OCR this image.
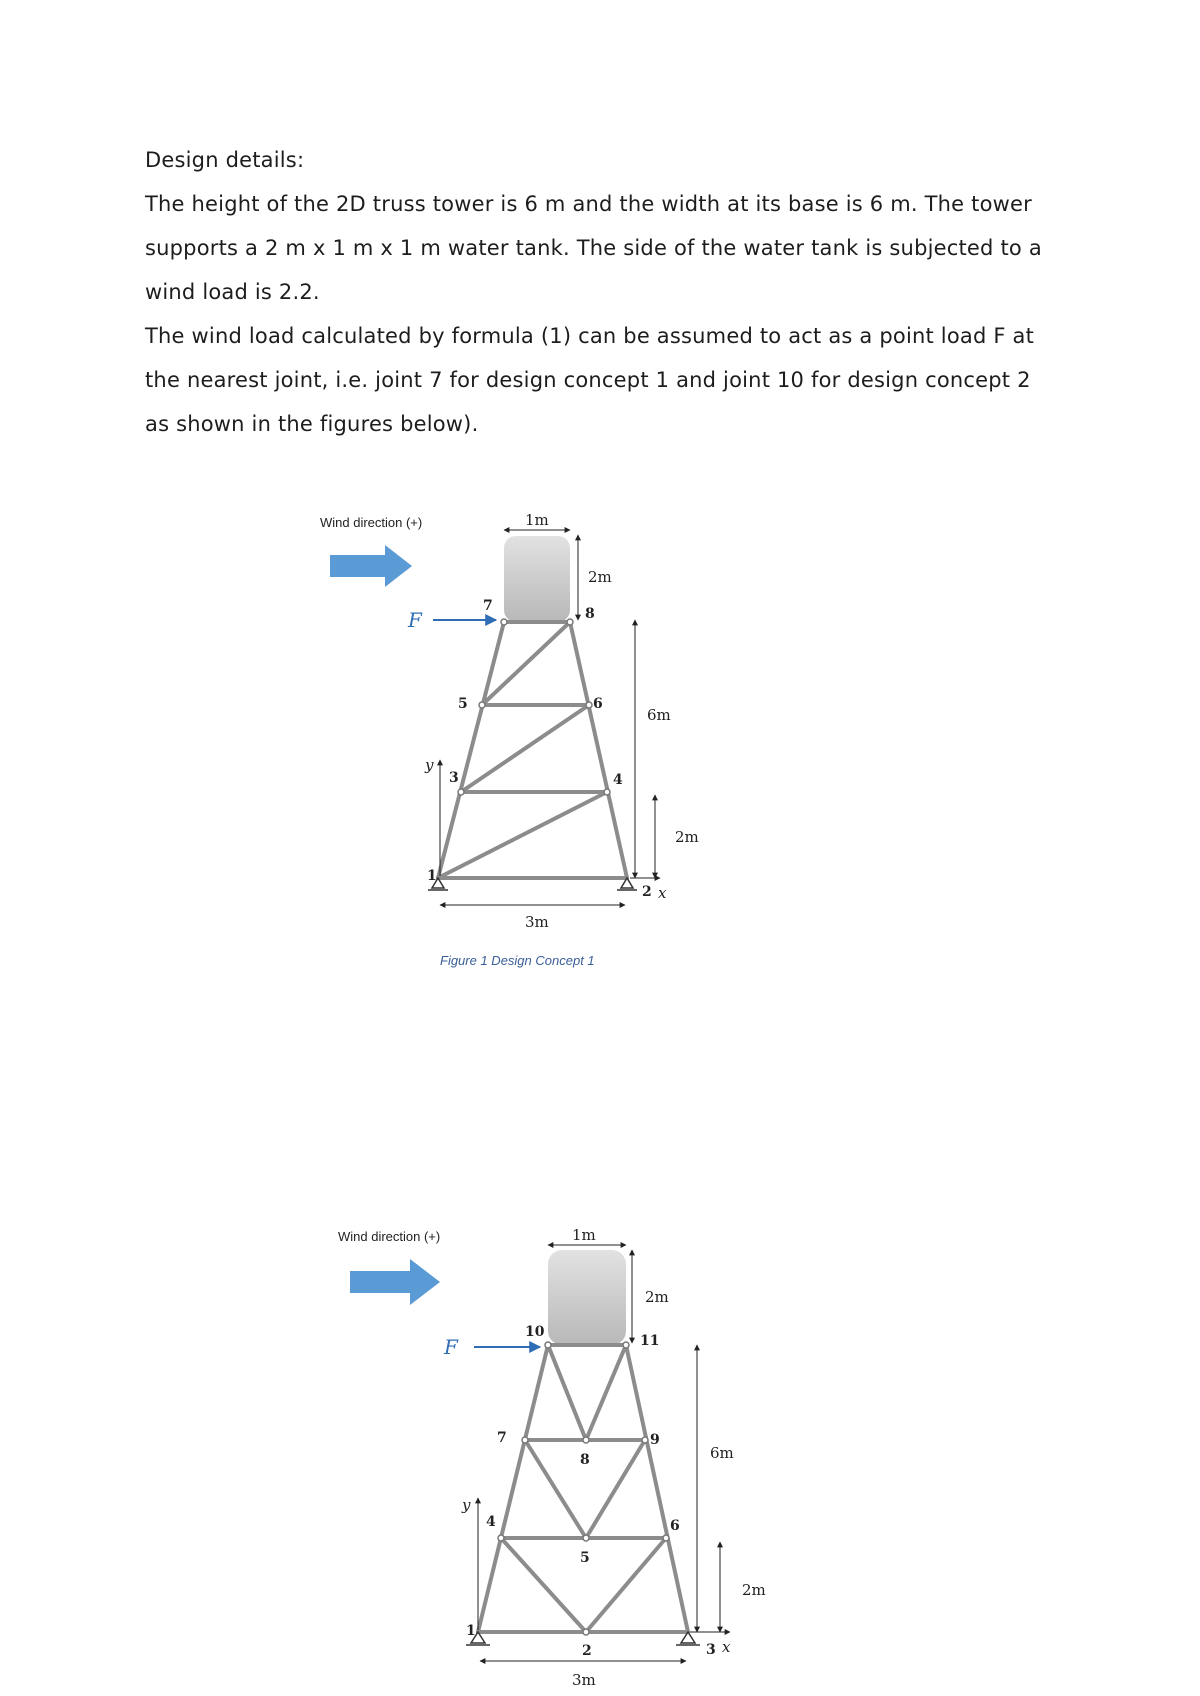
Design details:

The height of the 2D truss tower is 6 m and the width at its base is 6 m. The tower supports a 2 m x 1 m x 1 m water tank. The side of the water tank is subjected to a wind load is 2.2.

The wind load calculated by formula (1) can be assumed to act as a point load F at the nearest joint, i.e. joint 7 for design concept 1 and joint 10 for design concept 2 as shown in the figures below).

Wind direction (+)
F
1m
2m
6m
2m
3m
y
x
1
2
3	4
5	6
7	8
Figure 1 Design Concept 1
Wind direction (+)
F
1m
2m
6m
2m
3m
y
x
1
2	3
4
5
6
7
8
9
10
11
